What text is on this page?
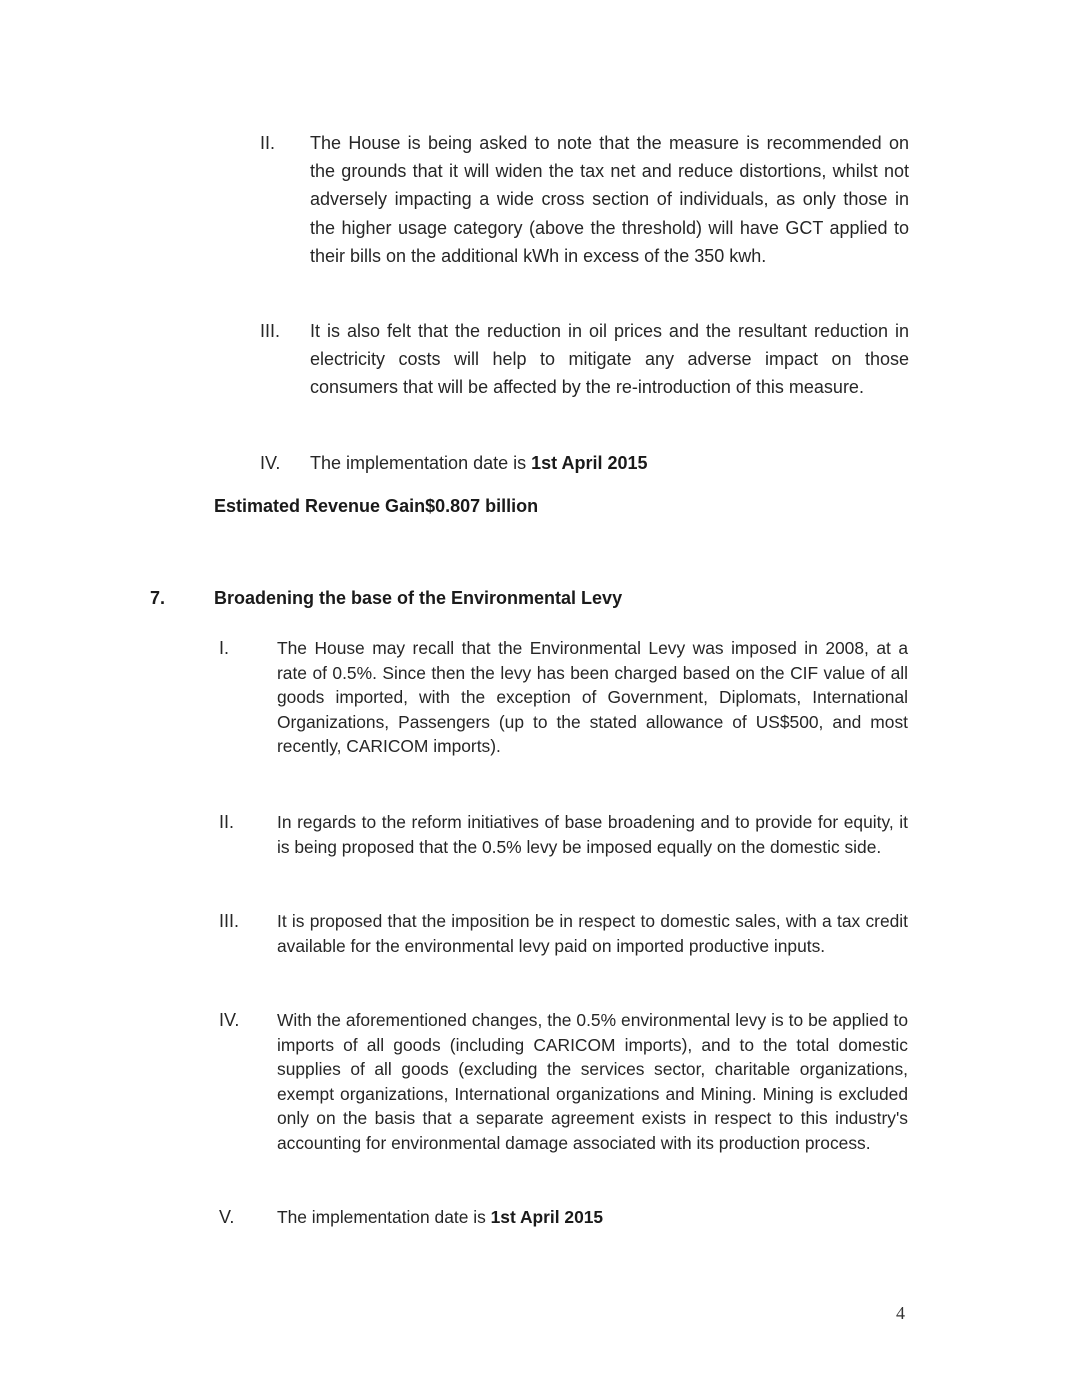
II.	The House is being asked to note that the measure is recommended on the grounds that it will widen the tax net and reduce distortions, whilst not adversely impacting a wide cross section of individuals, as only those in the higher usage category (above the threshold) will have GCT applied to their bills on the additional kWh in excess of the 350 kwh.
III.	It is also felt that the reduction in oil prices and the resultant reduction in electricity costs will help to mitigate any adverse impact on those consumers that will be affected by the re-introduction of this measure.
IV.	The implementation date is 1st April 2015
Estimated Revenue Gain$0.807 billion
7.	Broadening the base of the Environmental Levy
I.	The House may recall that the Environmental Levy was imposed in 2008, at a rate of 0.5%. Since then the levy has been charged based on the CIF value of all goods imported, with the exception of Government, Diplomats, International Organizations, Passengers (up to the stated allowance of US$500, and most recently, CARICOM imports).
II.	In regards to the reform initiatives of base broadening and to provide for equity, it is being proposed that the 0.5% levy be imposed equally on the domestic side.
III.	It is proposed that the imposition be in respect to domestic sales, with a tax credit available for the environmental levy paid on imported productive inputs.
IV.	With the aforementioned changes, the 0.5% environmental levy is to be applied to imports of all goods (including CARICOM imports), and to the total domestic supplies of all goods (excluding the services sector, charitable organizations, exempt organizations, International organizations and Mining. Mining is excluded only on the basis that a separate agreement exists in respect to this industry's accounting for environmental damage associated with its production process.
V.	The implementation date is 1st April 2015
4
